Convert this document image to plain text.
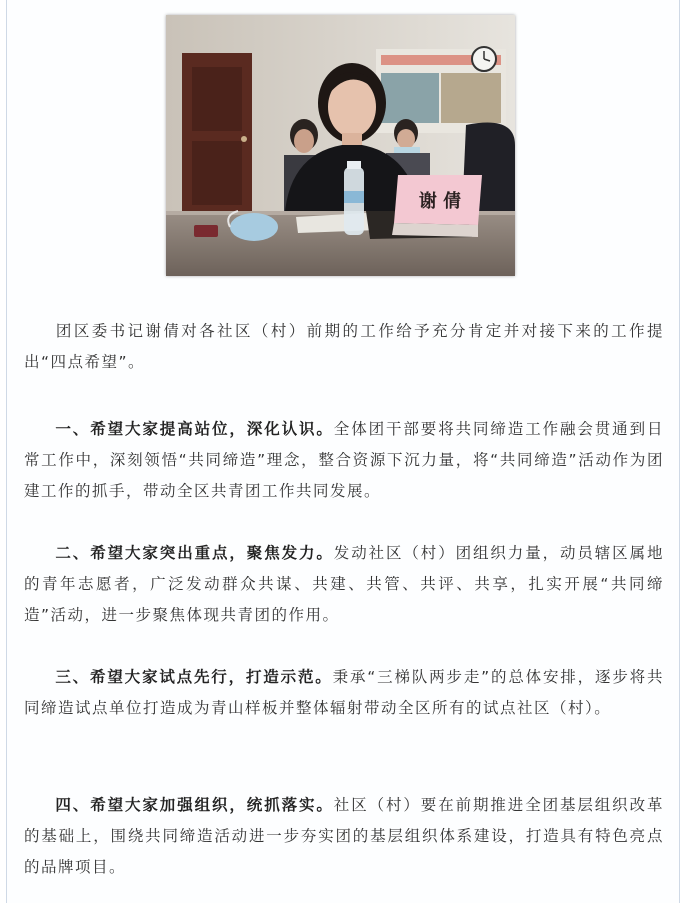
谢 倩

团区委书记谢倩对各社区（村）前期的工作给予充分肯定并对接下来的工作提出“四点希望”。

一、希望大家提高站位，深化认识。全体团干部要将共同缔造工作融会贯通到日常工作中，深刻领悟“共同缔造”理念，整合资源下沉力量，将“共同缔造”活动作为团建工作的抓手，带动全区共青团工作共同发展。

二、希望大家突出重点，聚焦发力。发动社区（村）团组织力量，动员辖区属地的青年志愿者，广泛发动群众共谋、共建、共管、共评、共享，扎实开展“共同缔造”活动，进一步聚焦体现共青团的作用。

三、希望大家试点先行，打造示范。秉承“三梯队两步走”的总体安排，逐步将共同缔造试点单位打造成为青山样板并整体辐射带动全区所有的试点社区（村）。

四、希望大家加强组织，统抓落实。社区（村）要在前期推进全团基层组织改革的基础上，围绕共同缔造活动进一步夯实团的基层组织体系建设，打造具有特色亮点的品牌项目。
